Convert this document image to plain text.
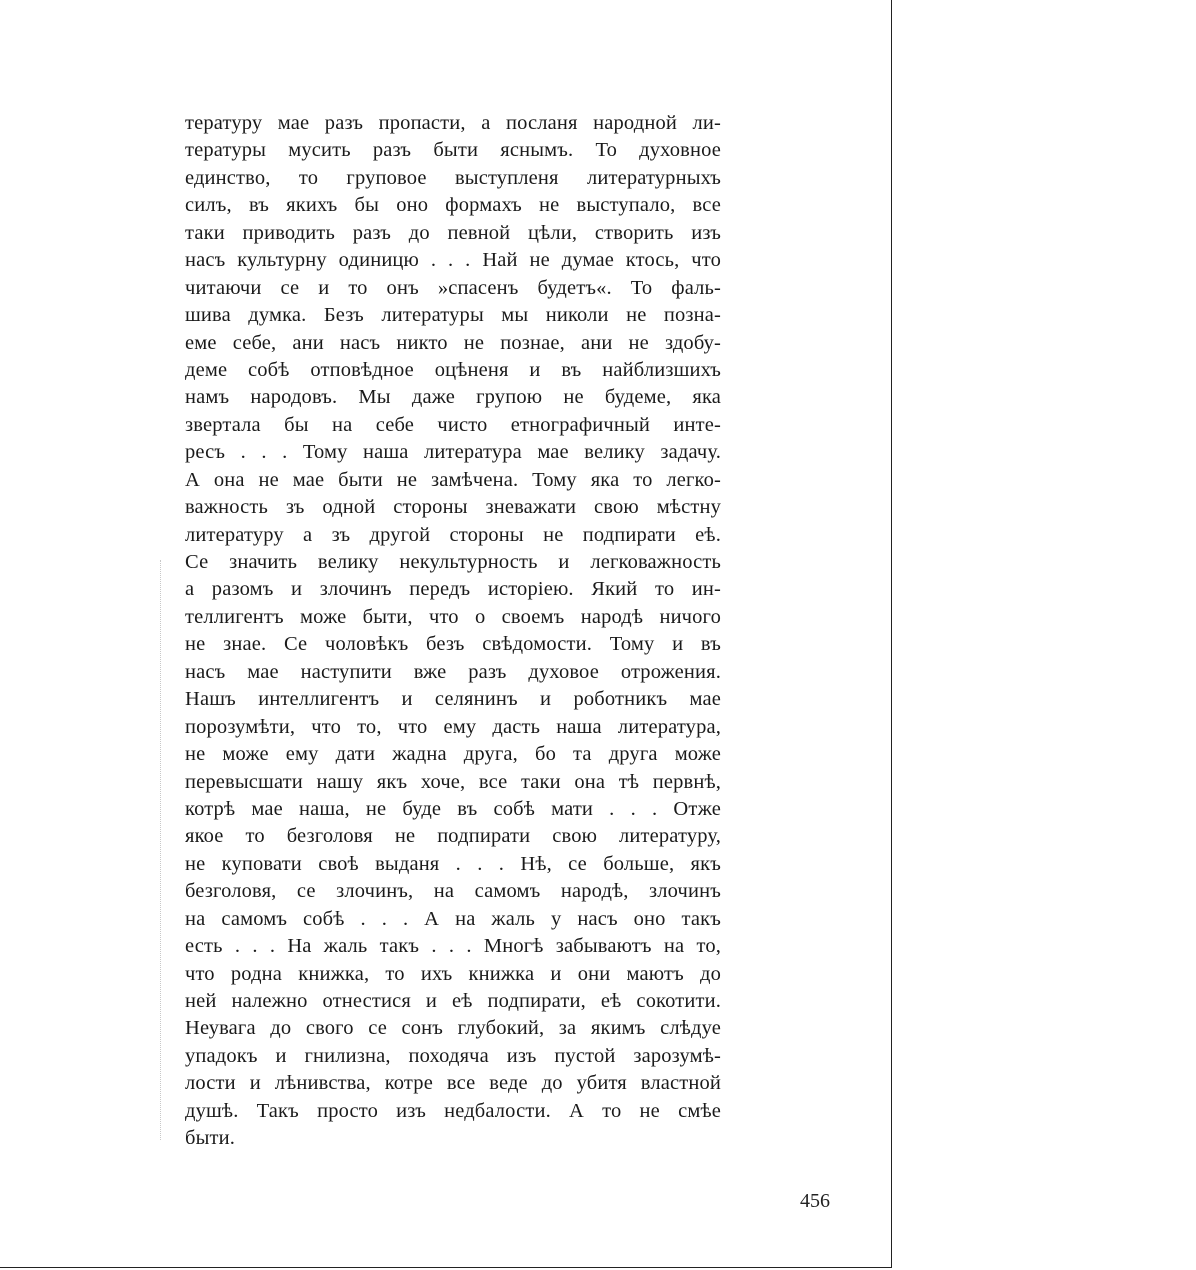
тературу мае разъ пропасти, а посланя народной ли-
тературы мусить разъ быти яснымъ. То духовное
единство, то груповое выступленя литературныхъ
силъ, въ якихъ бы оно формахъ не выступало, все
таки приводить разъ до певной цѣли, створить изъ
насъ культурну одиницю . . . Най не думае ктось, что
читаючи се и то онъ »спасенъ будетъ«. То фаль-
шива думка. Безъ литературы мы николи не позна-
еме себе, ани насъ никто не познае, ани не здобу-
деме собѣ отповѣдное оцѣненя и въ найблизшихъ
намъ народовъ. Мы даже групою не будеме, яка
звертала бы на себе чисто етнографичный инте-
ресъ . . . Тому наша литература мае велику задачу.
А она не мае быти не замѣчена. Тому яка то легко-
важность зъ одной стороны зневажати свою мѣстну
литературу а зъ другой стороны не подпирати еѣ.
Се значить велику некультурность и легковажность
а разомъ и злочинъ передъ исторіею. Який то ин-
теллигентъ може быти, что о своемъ народѣ ничого
не знае. Се чоловѣкъ безъ свѣдомости. Тому и въ
насъ мае наступити вже разъ духовое отрожения.
Нашъ интеллигентъ и селянинъ и роботникъ мае
порозумѣти, что то, что ему дасть наша литература,
не може ему дати жадна друга, бо та друга може
перевысшати нашу якъ хоче, все таки она тѣ первнѣ,
котрѣ мае наша, не буде въ собѣ мати . . . Отже
якое то безголовя не подпирати свою литературу,
не куповати своѣ выданя . . . Нѣ, се больше, якъ
безголовя, се злочинъ, на самомъ народѣ, злочинъ
на самомъ собѣ . . . А на жаль у насъ оно такъ
есть . . . На жаль такъ . . . Многѣ забываютъ на то,
что родна книжка, то ихъ книжка и они маютъ до
ней належно отнестися и еѣ подпирати, еѣ сокотити.
Неувага до свого се сонъ глубокий, за якимъ слѣдуе
упадокъ и гнилизна, походяча изъ пустой зарозумѣ-
лости и лѣнивства, котре все веде до убитя властной
душѣ. Такъ просто изъ недбалости. А то не смѣе
быти.
456
